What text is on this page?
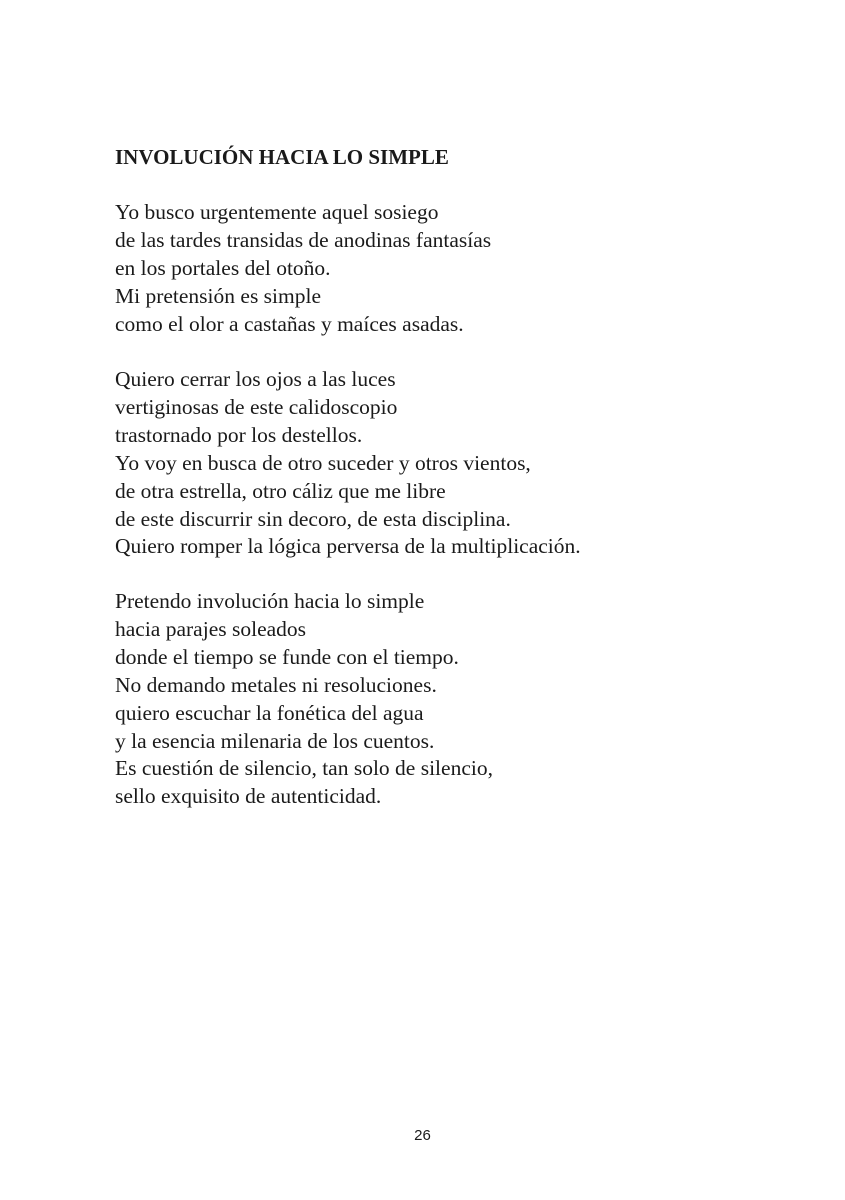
INVOLUCIÓN HACIA LO SIMPLE
Yo busco urgentemente aquel sosiego
de las tardes transidas de anodinas fantasías
en los portales del otoño.
Mi pretensión es simple
como el olor a castañas y maíces asadas.
Quiero cerrar los ojos a las luces
vertiginosas de este calidoscopio
trastornado por los destellos.
Yo voy en busca de otro suceder y otros vientos,
de otra estrella, otro cáliz que me libre
de este discurrir sin decoro, de esta disciplina.
Quiero romper la lógica perversa de la multiplicación.
Pretendo involución hacia lo simple
hacia parajes soleados
donde el tiempo se funde con el tiempo.
No demando metales ni resoluciones.
quiero escuchar la fonética del agua
y la esencia milenaria de los cuentos.
Es cuestión de silencio, tan solo de silencio,
sello exquisito de autenticidad.
26
